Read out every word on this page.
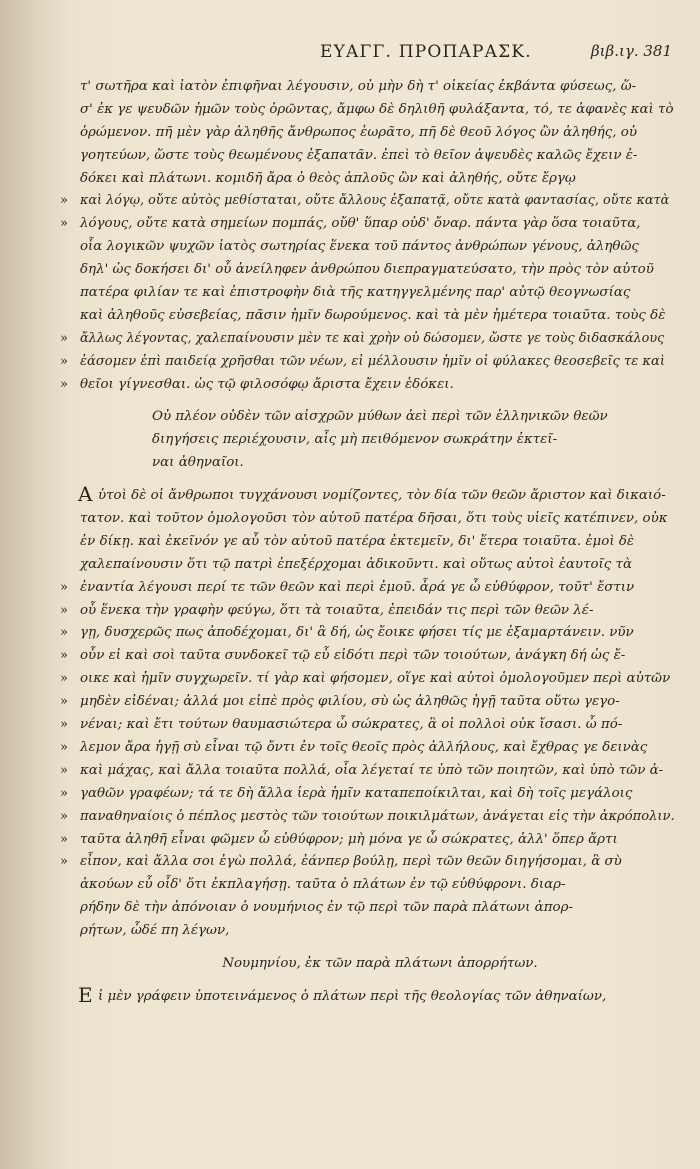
ΕΥΑΓΓ. ΠΡΟΠΑΡΑΣΚ.	βιβ.ιγ. 381
τ' σωτῆρα καὶ ἰατὸν ἐπιφῆναι λέγουσιν, οὐ μὴν δὴ τ' οἰκείας ἐκβάντα φύσεως, ὥ-
σ' ἐκ γε ψευδῶν ἡμῶν τοὺς ὁρῶντας, ἄμφω δὲ δηλιθῆ φυλάξαντα, τό, τε ἀφανὲς καὶ τὸ
ὁρώμενον. πῆ μὲν γὰρ ἀληθῆς ἄνθρωπος ἑωρᾶτο, πῆ δὲ θεοῦ λόγος ὢν ἀληθής, οὐ
γοητεύων, ὥστε τοὺς θεωμένους ἐξαπατᾶν. ἐπεὶ τὸ θεῖον ἀψευδὲς καλῶς ἔχειν ἐ-
δόκει καὶ πλάτωνι. κομιδῆ ἄρα ὁ θεὸς ἁπλοῦς ὢν καὶ ἀληθής, οὔτε ἔργῳ
» καὶ λόγῳ, οὔτε αὐτὸς μεθίσταται, οὔτε ἄλλους ἐξαπατᾷ, οὔτε κατὰ φαντασίας, οὔτε κατὰ
» λόγους, οὔτε κατὰ σημείων πομπάς, οὔθ' ὕπαρ οὐδ' ὄναρ. πάντα γὰρ ὅσα τοιαῦτα,
οἷα λογικῶν ψυχῶν ἰατὸς σωτηρίας ἕνεκα τοῦ πάντος ἀνθρώπων γένους, ἀληθῶς
δηλ' ὡς δοκήσει δι' οὗ ἀνείληφεν ἀνθρώπου διεπραγματεύσατο, τὴν πρὸς τὸν αὐτοῦ
πατέρα φιλίαν τε καὶ ἐπιστροφὴν διὰ τῆς κατηγγελμένης παρ' αὐτῷ θεογνωσίας
καὶ ἀληθοῦς εὐσεβείας, πᾶσιν ἡμῖν δωρούμενος. καὶ τὰ μὲν ἡμέτερα τοιαῦτα. τοὺς δὲ
» ἄλλως λέγοντας, χαλεπαίνουσιν μὲν τε καὶ χρὴν οὐ δώσομεν, ὥστε γε τοὺς διδασκάλους
» ἐάσομεν ἐπὶ παιδείᾳ χρῆσθαι τῶν νέων, εἰ μέλλουσιν ἡμῖν οἱ φύλακες θεοσεβεῖς τε καὶ
» θεῖοι γίγνεσθαι. ὡς τῷ φιλοσόφῳ ἄριστα ἔχειν ἐδόκει.
Οὐ πλέον οὐδὲν τῶν αἰσχρῶν μύθων ἀεὶ περὶ τῶν ἑλληνικῶν θεῶν
διηγήσεις περιέχουσιν, αἷς μὴ πειθόμενον σωκράτην ἐκτεῖ-
ναι ἀθηναῖοι.
A ὐτοὶ δὲ οἱ ἄνθρωποι τυγχάνουσι νομίζοντες, τὸν δία τῶν θεῶν ἄριστον καὶ δικαιό-
τατον. καὶ τοῦτον ὁμολογοῦσι τὸν αὑτοῦ πατέρα δῆσαι, ὅτι τοὺς υἱεῖς κατέπινεν, οὐκ
ἐν δίκῃ. καὶ ἐκεῖνόν γε αὖ τὸν αὑτοῦ πατέρα ἐκτεμεῖν, δι' ἕτερα τοιαῦτα. ἐμοὶ δὲ
χαλεπαίνουσιν ὅτι τῷ πατρὶ ἐπεξέρχομαι ἀδικοῦντι. καὶ οὕτως αὐτοὶ ἑαυτοῖς τὰ
» ἐναντία λέγουσι περί τε τῶν θεῶν καὶ περὶ ἐμοῦ. ἆρά γε ὦ εὐθύφρον, τοῦτ' ἔστιν
» οὗ ἕνεκα τὴν γραφὴν φεύγω, ὅτι τὰ τοιαῦτα, ἐπειδάν τις περὶ τῶν θεῶν λέ-
» γῃ, δυσχερῶς πως ἀποδέχομαι, δι' ἃ δή, ὡς ἔοικε φήσει τίς με ἐξαμαρτάνειν. νῦν
» οὖν εἰ καὶ σοὶ ταῦτα συνδοκεῖ τῷ εὖ εἰδότι περὶ τῶν τοιούτων, ἀνάγκη δή ὡς ἔ-
» οικε καὶ ἡμῖν συγχωρεῖν. τί γὰρ καὶ φήσομεν, οἵγε καὶ αὐτοὶ ὁμολογοῦμεν περὶ αὐτῶν
» μηδὲν εἰδέναι; ἀλλά μοι εἰπὲ πρὸς φιλίου, σὺ ὡς ἀληθῶς ἡγῇ ταῦτα οὕτω γεγο-
» νέναι; καὶ ἔτι τούτων θαυμασιώτερα ὦ σώκρατες, ἃ οἱ πολλοὶ οὐκ ἴσασι. ὦ πό-
» λεμον ἄρα ἡγῇ σὺ εἶναι τῷ ὄντι ἐν τοῖς θεοῖς πρὸς ἀλλήλους, καὶ ἔχθρας γε δεινὰς
» καὶ μάχας, καὶ ἄλλα τοιαῦτα πολλά, οἷα λέγεταί τε ὑπὸ τῶν ποιητῶν, καὶ ὑπὸ τῶν ἀ-
» γαθῶν γραφέων; τά τε δὴ ἄλλα ἱερὰ ἡμῖν καταπεποίκιλται, καὶ δὴ τοῖς μεγάλοις
» παναθηναίοις ὁ πέπλος μεστὸς τῶν τοιούτων ποικιλμάτων, ἀνάγεται εἰς τὴν ἀκρόπολιν.
» ταῦτα ἀληθῆ εἶναι φῶμεν ὦ εὐθύφρον; μὴ μόνα γε ὦ σώκρατες, ἀλλ' ὅπερ ἄρτι
» εἶπον, καὶ ἄλλα σοι ἐγὼ πολλά, ἐάνπερ βούλῃ, περὶ τῶν θεῶν διηγήσομαι, ἃ σὺ
ἀκούων εὖ οἶδ' ὅτι ἐκπλαγήσῃ. ταῦτα ὁ πλάτων ἐν τῷ εὐθύφρονι. διαρ-
ρήδην δὲ τὴν ἀπόνοιαν ὁ νουμήνιος ἐν τῷ περὶ τῶν παρὰ πλάτωνι ἀπορ-
ρήτων, ὧδέ πη λέγων,
Νουμηνίου, ἐκ τῶν παρὰ πλάτωνι ἀπορρήτων.
E ἰ μὲν γράφειν ὑποτεινάμενος ὁ πλάτων περὶ τῆς θεολογίας τῶν ἀθηναίων,
